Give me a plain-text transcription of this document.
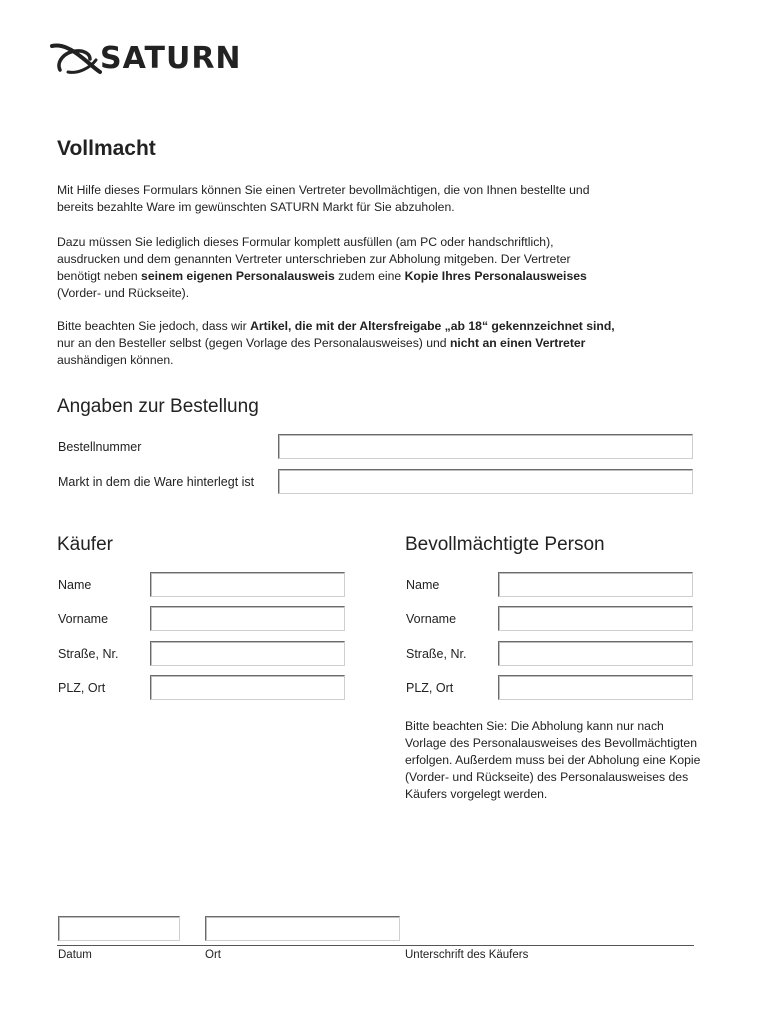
SATURN
Vollmacht
Mit Hilfe dieses Formulars können Sie einen Vertreter bevollmächtigen, die von Ihnen bestellte und bereits bezahlte Ware im gewünschten SATURN Markt für Sie abzuholen.
Dazu müssen Sie lediglich dieses Formular komplett ausfüllen (am PC oder handschriftlich), ausdrucken und dem genannten Vertreter unterschrieben zur Abholung mitgeben. Der Vertreter benötigt neben seinem eigenen Personalausweis zudem eine Kopie Ihres Personalausweises (Vorder- und Rückseite).
Bitte beachten Sie jedoch, dass wir Artikel, die mit der Altersfreigabe „ab 18“ gekennzeichnet sind, nur an den Besteller selbst (gegen Vorlage des Personalausweises) und nicht an einen Vertreter aushändigen können.
Angaben zur Bestellung
Bestellnummer
Markt in dem die Ware hinterlegt ist
Käufer
Name
Vorname
Straße, Nr.
PLZ, Ort
Bevollmächtigte Person
Name
Vorname
Straße, Nr.
PLZ, Ort
Bitte beachten Sie: Die Abholung kann nur nach Vorlage des Personalausweises des Bevollmächtigten erfolgen. Außerdem muss bei der Abholung eine Kopie (Vorder- und Rückseite) des Personalausweises des Käufers vorgelegt werden.
Datum	Ort	Unterschrift des Käufers
